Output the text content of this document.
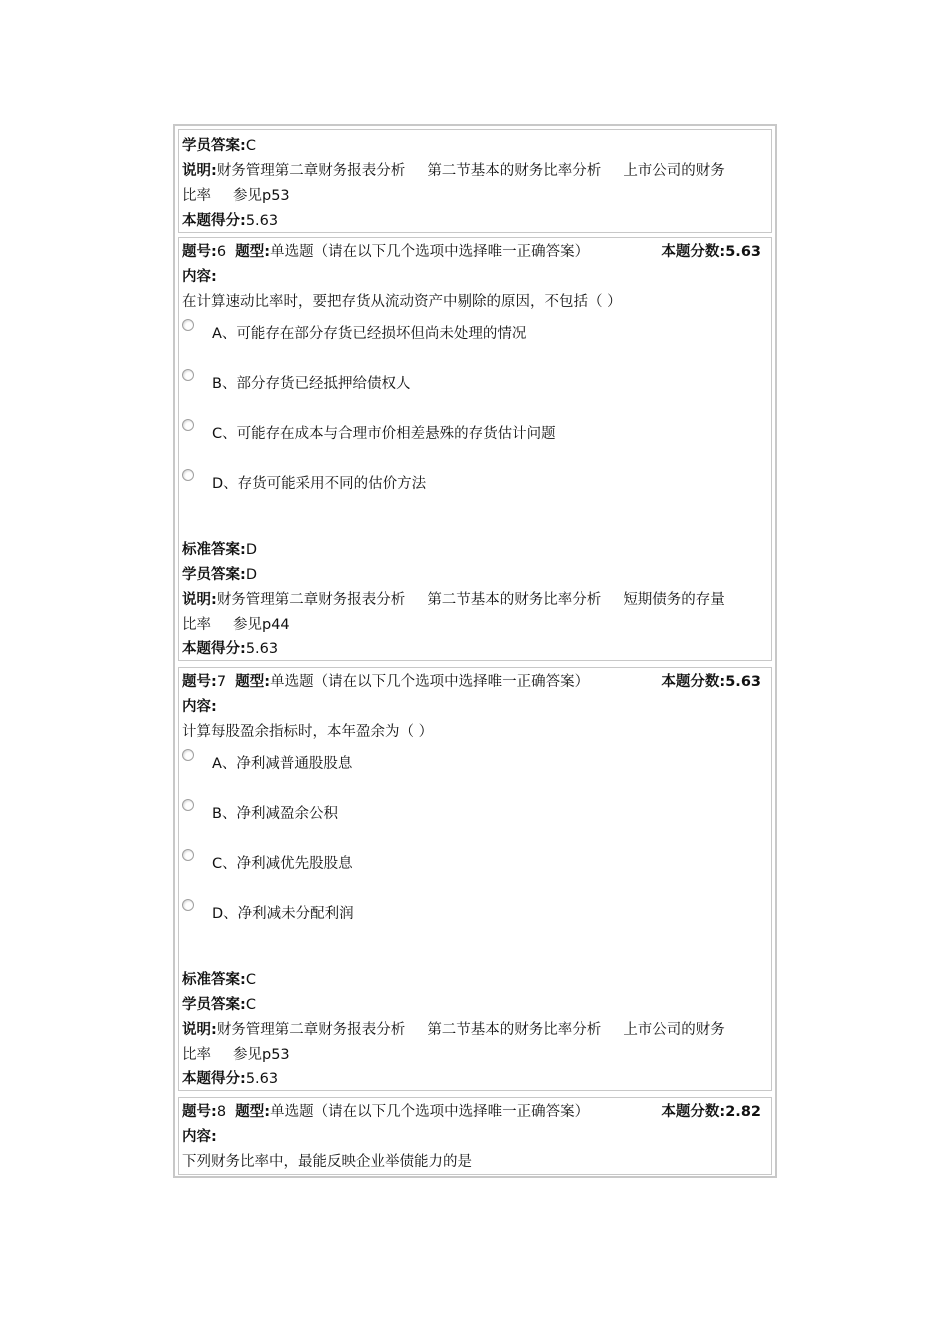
学员答案:C
说明:财务管理第二章财务报表分析 第二节基本的财务比率分析 上市公司的财务
比率 参见p53
本题得分:5.63
题号:6 题型:单选题（请在以下几个选项中选择唯一正确答案）	本题分数:5.63
内容:
在计算速动比率时，要把存货从流动资产中剔除的原因，不包括（ ）
A、可能存在部分存货已经损坏但尚未处理的情况
B、部分存货已经抵押给债权人
C、可能存在成本与合理市价相差悬殊的存货估计问题
D、存货可能采用不同的估价方法
标准答案:D
学员答案:D
说明:财务管理第二章财务报表分析 第二节基本的财务比率分析 短期债务的存量
比率 参见p44
本题得分:5.63
题号:7 题型:单选题（请在以下几个选项中选择唯一正确答案）	本题分数:5.63
内容:
计算每股盈余指标时，本年盈余为（ ）
A、净利减普通股股息
B、净利减盈余公积
C、净利减优先股股息
D、净利减未分配利润
标准答案:C
学员答案:C
说明:财务管理第二章财务报表分析 第二节基本的财务比率分析 上市公司的财务
比率 参见p53
本题得分:5.63
题号:8 题型:单选题（请在以下几个选项中选择唯一正确答案）	本题分数:2.82
内容:
下列财务比率中，最能反映企业举债能力的是
